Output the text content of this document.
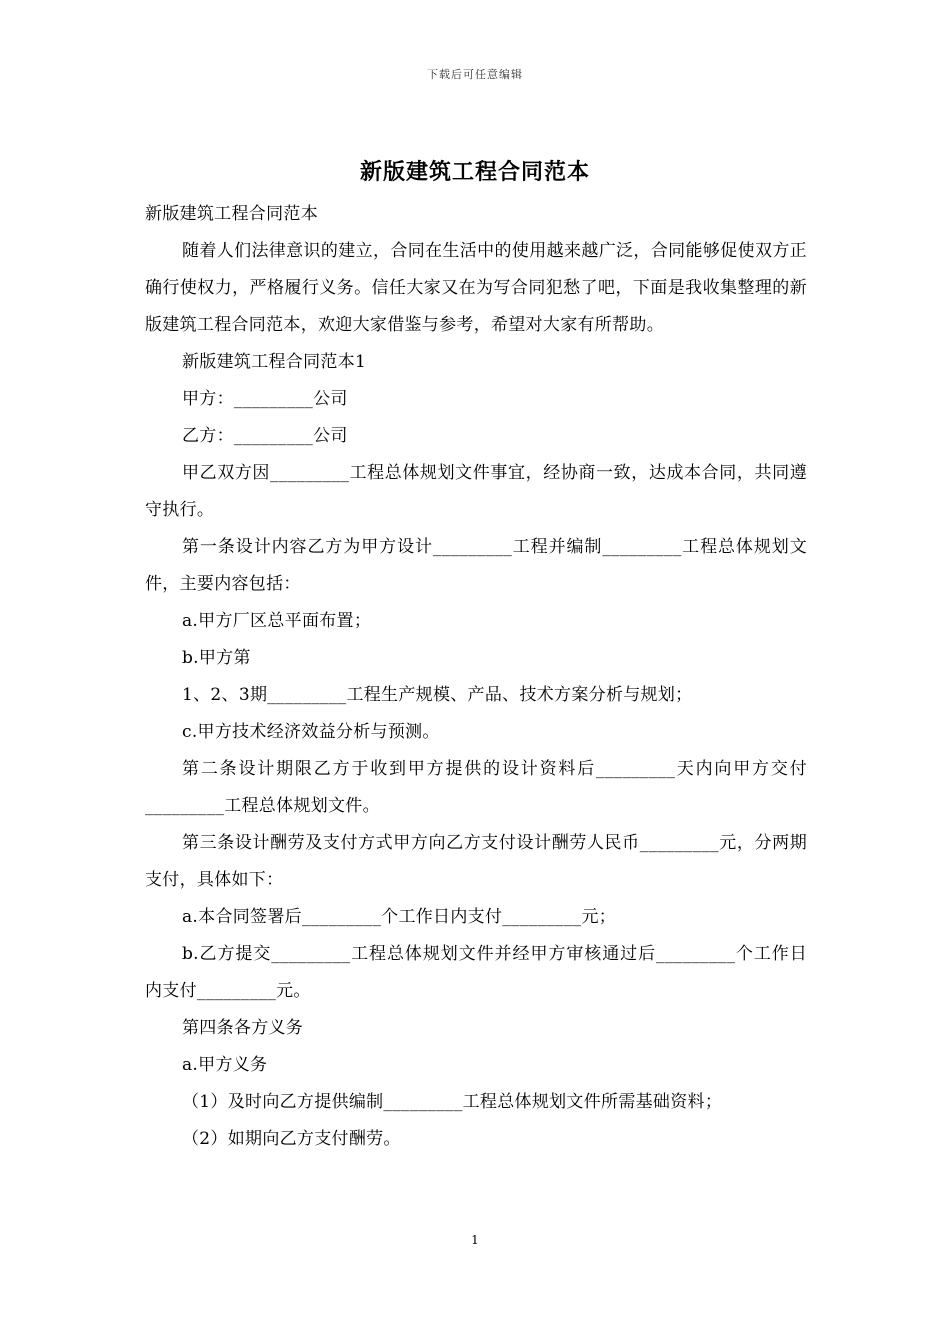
下载后可任意编辑
新版建筑工程合同范本

新版建筑工程合同范本

随着人们法律意识的建立，合同在生活中的使用越来越广泛，合同能够促使双方正确行使权力，严格履行义务。信任大家又在为写合同犯愁了吧，下面是我收集整理的新版建筑工程合同范本，欢迎大家借鉴与参考，希望对大家有所帮助。

新版建筑工程合同范本1

甲方：_________公司

乙方：_________公司

甲乙双方因_________工程总体规划文件事宜，经协商一致，达成本合同，共同遵守执行。

第一条设计内容乙方为甲方设计_________工程并编制_________工程总体规划文件，主要内容包括：

a.甲方厂区总平面布置；

b.甲方第

1、2、3期_________工程生产规模、产品、技术方案分析与规划；

c.甲方技术经济效益分析与预测。

第二条设计期限乙方于收到甲方提供的设计资料后_________天内向甲方交付_________工程总体规划文件。

第三条设计酬劳及支付方式甲方向乙方支付设计酬劳人民币_________元，分两期支付，具体如下：

a.本合同签署后_________个工作日内支付_________元；

b.乙方提交_________工程总体规划文件并经甲方审核通过后_________个工作日内支付_________元。

第四条各方义务

a.甲方义务

（1）及时向乙方提供编制_________工程总体规划文件所需基础资料；

（2）如期向乙方支付酬劳。

1
